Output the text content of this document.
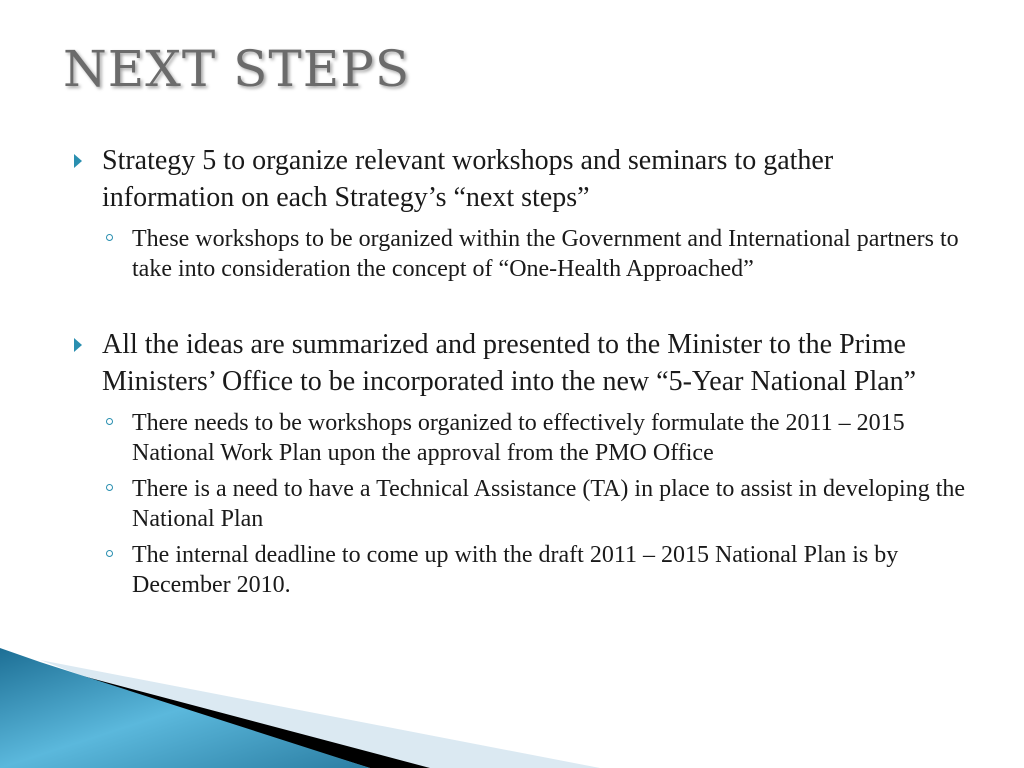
NEXT STEPS
Strategy 5 to organize relevant workshops and seminars to gather information on each Strategy’s “next steps”
These workshops to be organized within the Government and International partners to take into consideration the concept of “One-Health Approached”
All the ideas are summarized and presented to the Minister to the Prime Ministers’ Office to be incorporated into the new “5-Year National Plan”
There needs to be workshops organized to effectively formulate the 2011 – 2015 National Work Plan upon the approval from the PMO Office
There is a need to have a Technical Assistance (TA) in place to assist in developing the National Plan
The internal deadline to come up with the draft 2011 – 2015 National Plan is by December 2010.
